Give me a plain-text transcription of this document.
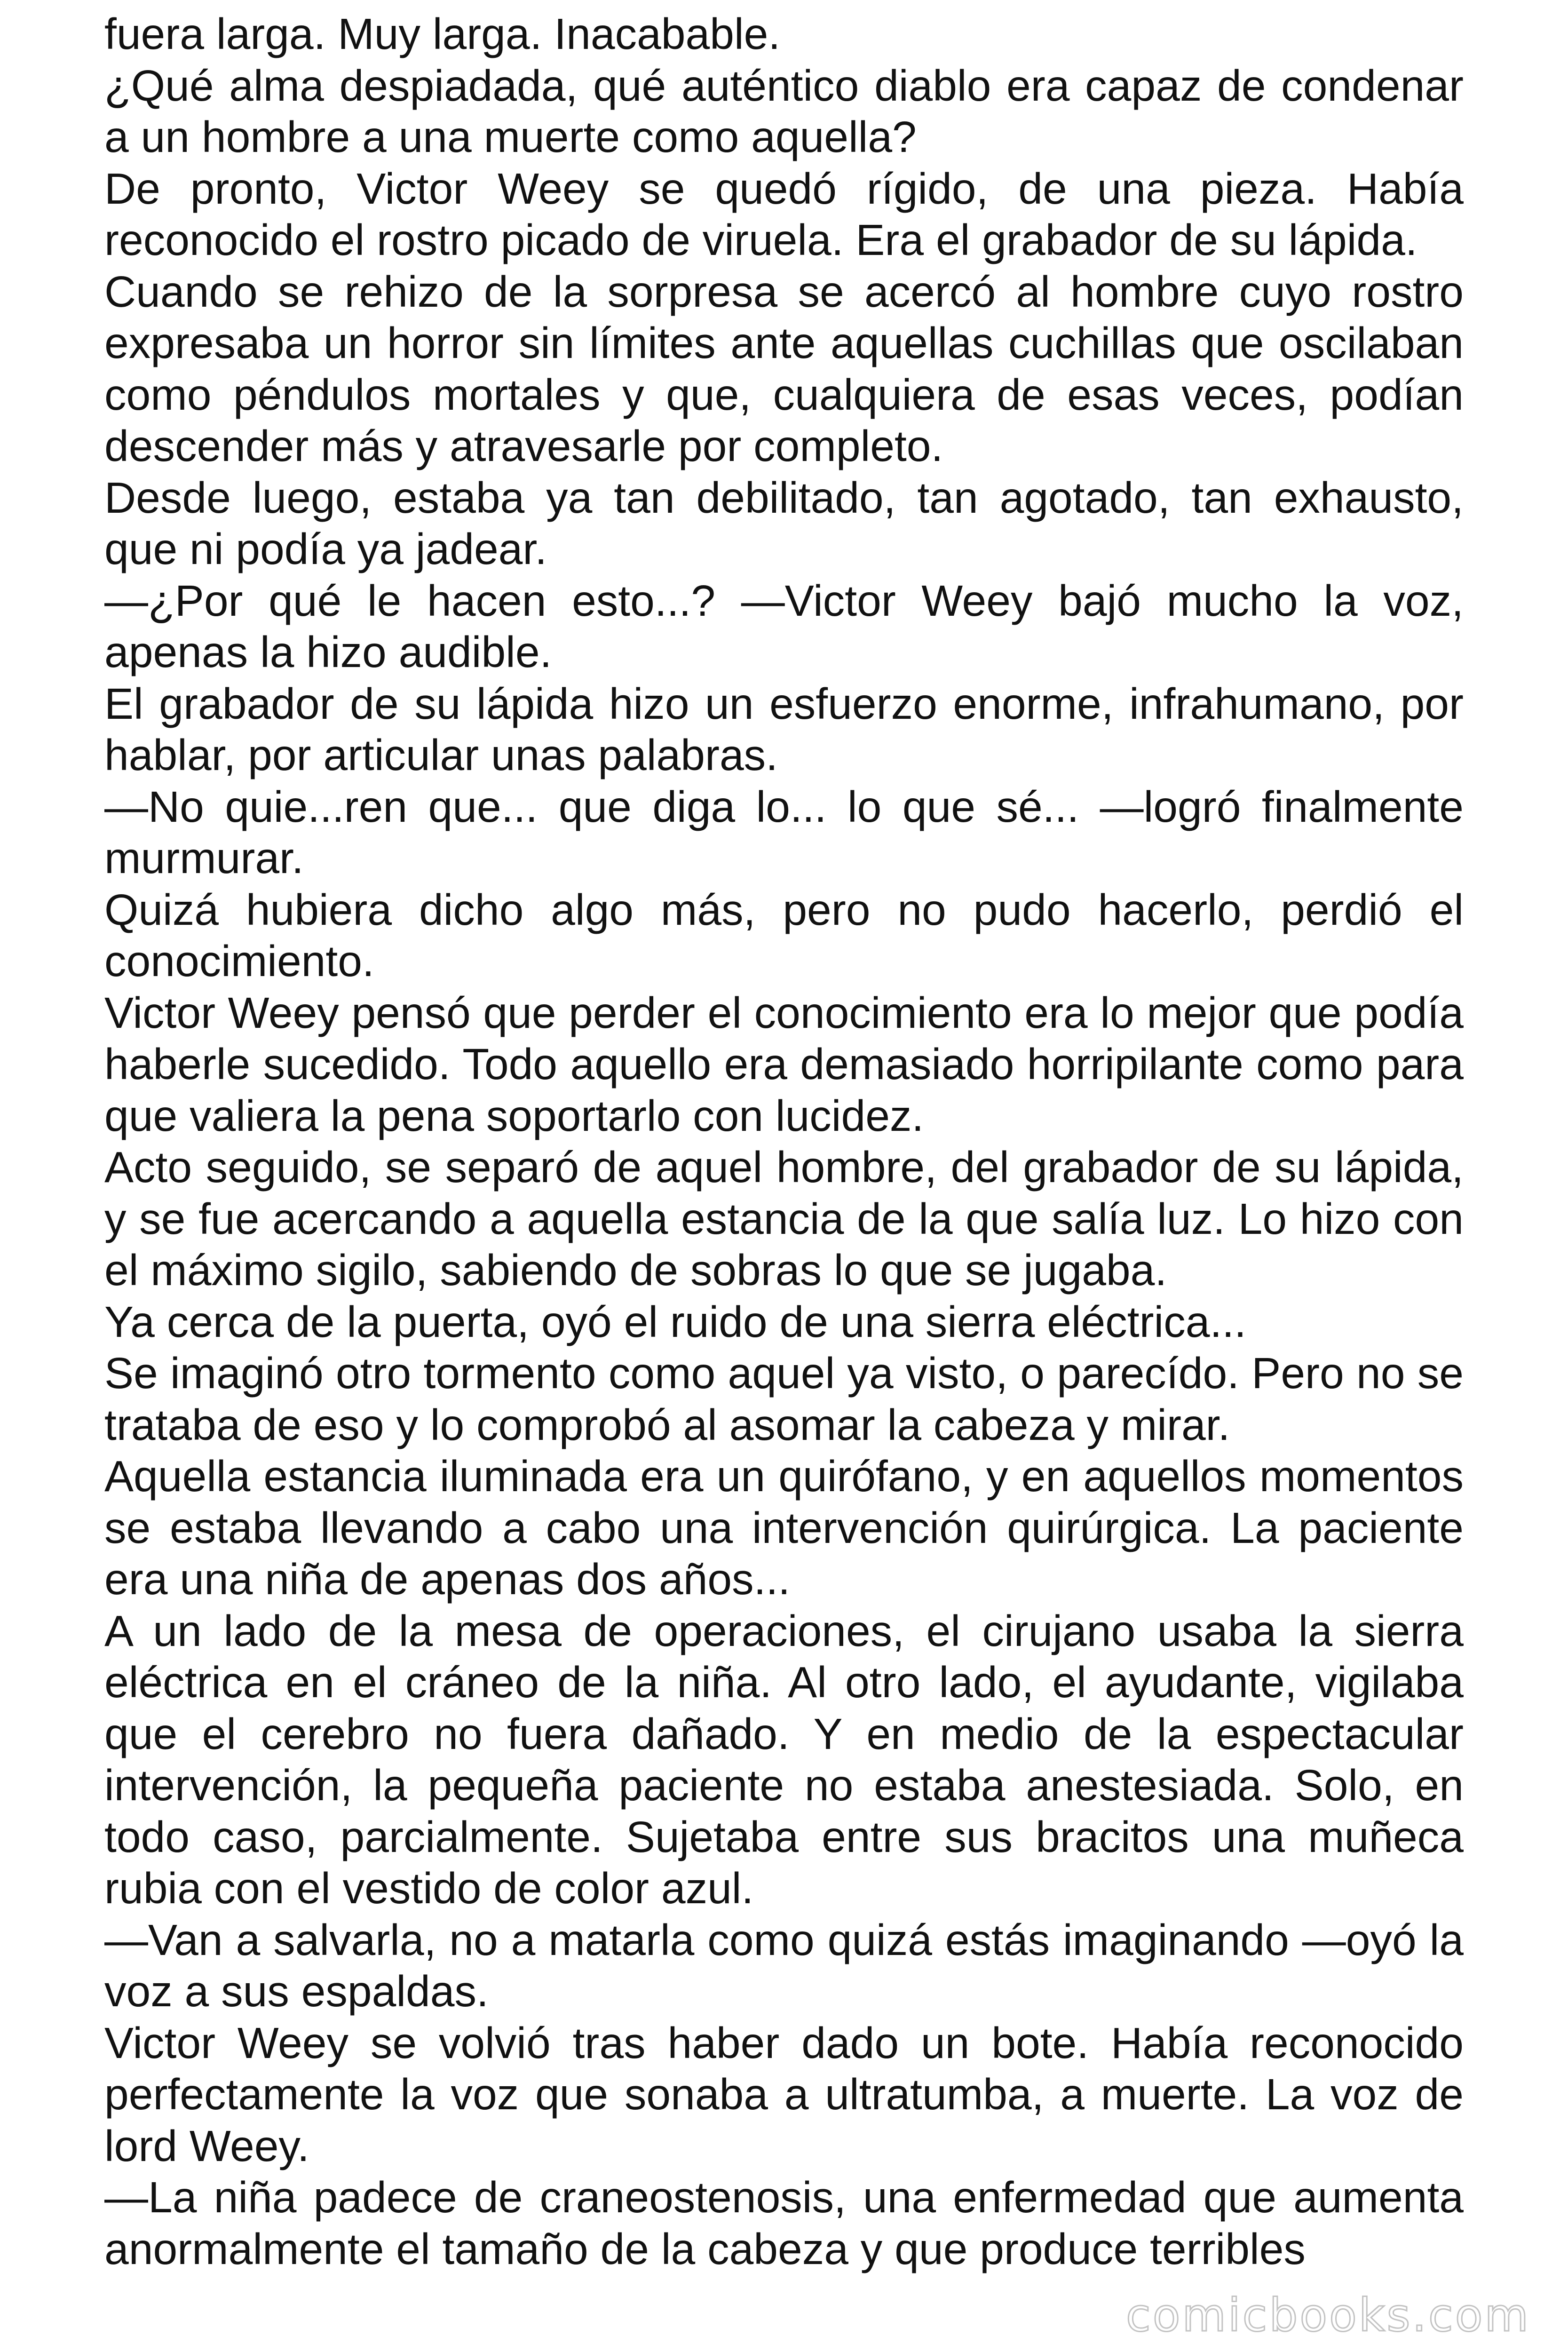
fuera larga. Muy larga. Inacabable.

¿Qué alma despiadada, qué auténtico diablo era capaz de condenar a un hombre a una muerte como aquella?

De pronto, Victor Weey se quedó rígido, de una pieza. Había reconocido el rostro picado de viruela. Era el grabador de su lápida.

Cuando se rehizo de la sorpresa se acercó al hombre cuyo rostro expresaba un horror sin límites ante aquellas cuchillas que oscilaban como péndulos mortales y que, cualquiera de esas veces, podían descender más y atravesarle por completo.

Desde luego, estaba ya tan debilitado, tan agotado, tan exhausto, que ni podía ya jadear.

—¿Por qué le hacen esto...? —Victor Weey bajó mucho la voz, apenas la hizo audible.

El grabador de su lápida hizo un esfuerzo enorme, infrahumano, por hablar, por articular unas palabras.

—No quie...ren que... que diga lo... lo que sé... —logró finalmente murmurar.

Quizá hubiera dicho algo más, pero no pudo hacerlo, perdió el conocimiento.

Victor Weey pensó que perder el conocimiento era lo mejor que podía haberle sucedido. Todo aquello era demasiado horripilante como para que valiera la pena soportarlo con lucidez.

Acto seguido, se separó de aquel hombre, del grabador de su lápida, y se fue acercando a aquella estancia de la que salía luz. Lo hizo con el máximo sigilo, sabiendo de sobras lo que se jugaba.

Ya cerca de la puerta, oyó el ruido de una sierra eléctrica...

Se imaginó otro tormento como aquel ya visto, o parecído. Pero no se trataba de eso y lo comprobó al asomar la cabeza y mirar.

Aquella estancia iluminada era un quirófano, y en aquellos momentos se estaba llevando a cabo una intervención quirúrgica. La paciente era una niña de apenas dos años...

A un lado de la mesa de operaciones, el cirujano usaba la sierra eléctrica en el cráneo de la niña. Al otro lado, el ayudante, vigilaba que el cerebro no fuera dañado. Y en medio de la espectacular intervención, la pequeña paciente no estaba anestesiada. Solo, en todo caso, parcialmente. Sujetaba entre sus bracitos una muñeca rubia con el vestido de color azul.

—Van a salvarla, no a matarla como quizá estás imaginando —oyó la voz a sus espaldas.

Victor Weey se volvió tras haber dado un bote. Había reconocido perfectamente la voz que sonaba a ultratumba, a muerte. La voz de lord Weey.

—La niña padece de craneostenosis, una enfermedad que aumenta anormalmente el tamaño de la cabeza y que produce terribles

comicbooks.com
